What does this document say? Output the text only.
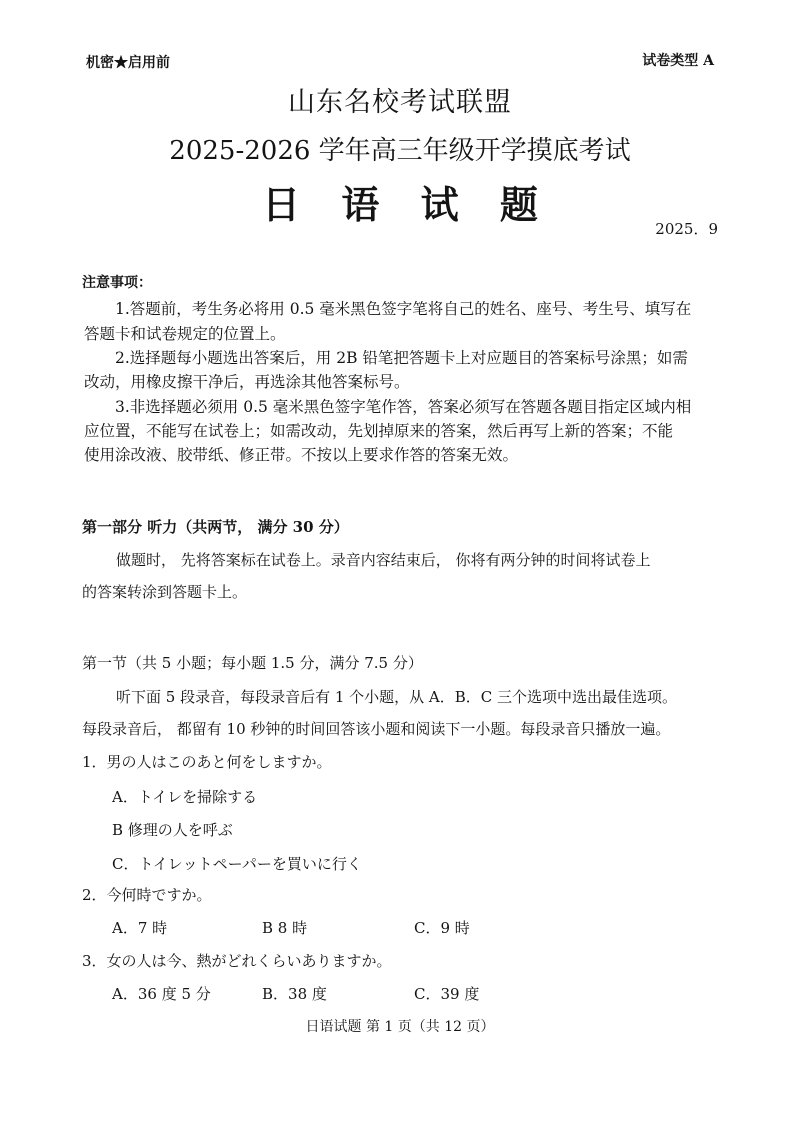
机密★启用前	试卷类型 A
山东名校考试联盟
2025-2026 学年高三年级开学摸底考试
日 语 试 题
2025．9
注意事项：
1.答题前，考生务必将用 0.5 毫米黑色签字笔将自己的姓名、座号、考生号、填写在
答题卡和试卷规定的位置上。
2.选择题每小题选出答案后，用 2B 铅笔把答题卡上对应题目的答案标号涂黑；如需
改动，用橡皮擦干净后，再选涂其他答案标号。
3.非选择题必须用 0.5 毫米黑色签字笔作答，答案必须写在答题各题目指定区域内相
应位置，不能写在试卷上；如需改动，先划掉原来的答案，然后再写上新的答案；不能
使用涂改液、胶带纸、修正带。不按以上要求作答的答案无效。
第一部分 听力（共两节， 满分 30 分）
做题时， 先将答案标在试卷上。录音内容结束后， 你将有两分钟的时间将试卷上
的答案转涂到答题卡上。
第一节（共 5 小题；每小题 1.5 分，满分 7.5 分）
听下面 5 段录音，每段录音后有 1 个小题，从 A．B．C 三个选项中选出最佳选项。
每段录音后， 都留有 10 秒钟的时间回答该小题和阅读下一小题。每段录音只播放一遍。
1．男の人はこのあと何をしますか。
A．トイレを掃除する
B 修理の人を呼ぶ
C．トイレットペーパーを買いに行く
2．今何時ですか。
A．7 時	B 8 時	C．9 時
3．女の人は今、熱がどれくらいありますか。
A．36 度 5 分	B．38 度	C．39 度
日语试题 第 1 页（共 12 页）
